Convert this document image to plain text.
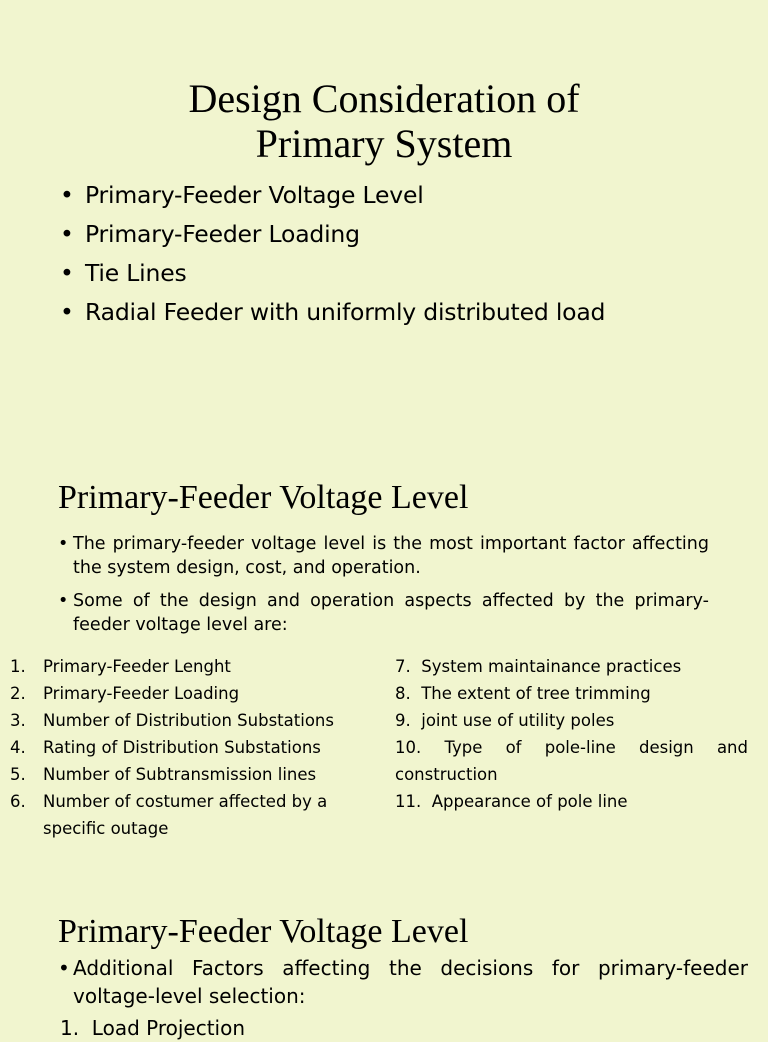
Design Consideration of
Primary System
• Primary-Feeder Voltage Level
• Primary-Feeder Loading
• Tie Lines
• Radial Feeder with uniformly distributed load
Primary-Feeder Voltage Level
• The primary-feeder voltage level is the most important factor affecting the system design, cost, and operation.
• Some of the design and operation aspects affected by the primary-feeder voltage level are:
1. Primary-Feeder Lenght
2. Primary-Feeder Loading
3. Number of Distribution Substations
4. Rating of Distribution Substations
5. Number of Subtransmission lines
6. Number of costumer affected by a specific outage
7.  System maintainance practices
8.  The extent of tree trimming
9.  joint use of utility poles
10. Type of pole-line design and construction
11.  Appearance of pole line
Primary-Feeder Voltage Level
• Additional Factors affecting the decisions for primary-feeder voltage-level selection:
1.  Load Projection
